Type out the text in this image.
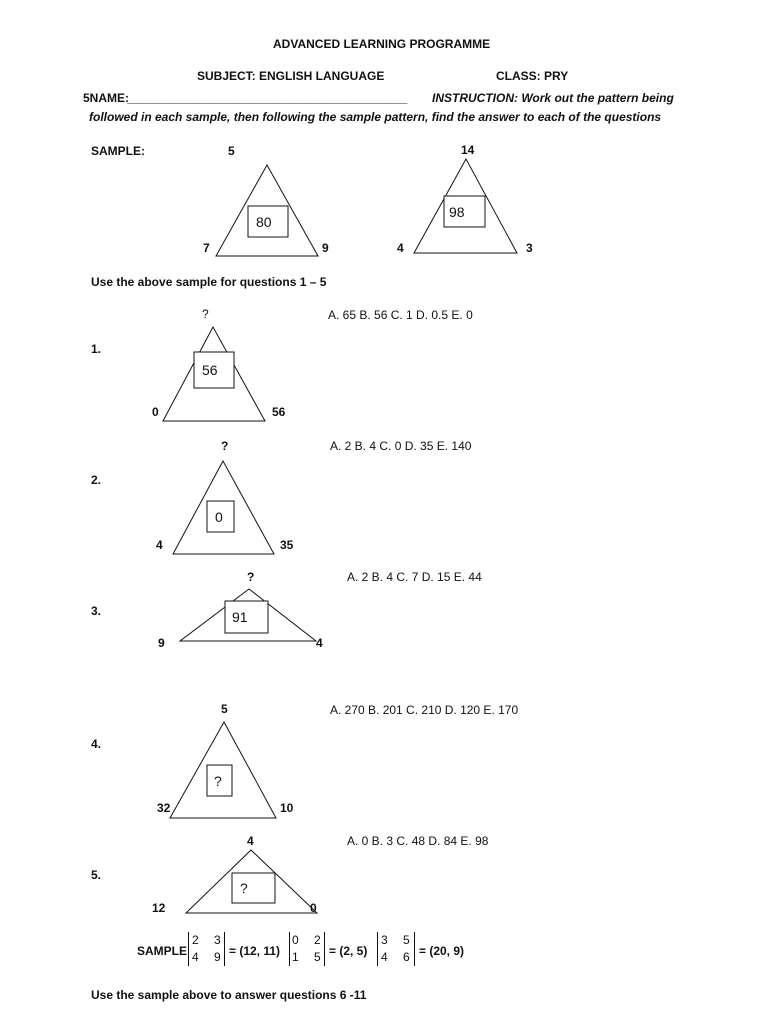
ADVANCED LEARNING PROGRAMME
SUBJECT: ENGLISH LANGUAGE	CLASS: PRY
5NAME:
__________________________________________ INSTRUCTION: Work out the pattern being
followed in each sample, then following the sample pattern, find the answer to each of the questions
SAMPLE:
80
5
7	9
98
14
4	3
56
?
0	56
0
?
4	35
91
?
9	4
?
5
32	10
?
4
12	0
Use the above sample for questions 1 – 5
1.
2.
3.
4.
5.
A. 65 B. 56 C. 1 D. 0.5 E. 0
A. 2 B. 4 C. 0 D. 35 E. 140
A. 2 B. 4 C. 7 D. 15 E. 44
A. 270 B. 201 C. 210 D. 120 E. 170
A. 0 B. 3 C. 48 D. 84 E. 98
SAMPLE
2 3
4 9 = (12, 11)
0 2
1 5 = (2, 5)
3 5
4 6 = (20, 9)
Use the sample above to answer questions 6 -11
